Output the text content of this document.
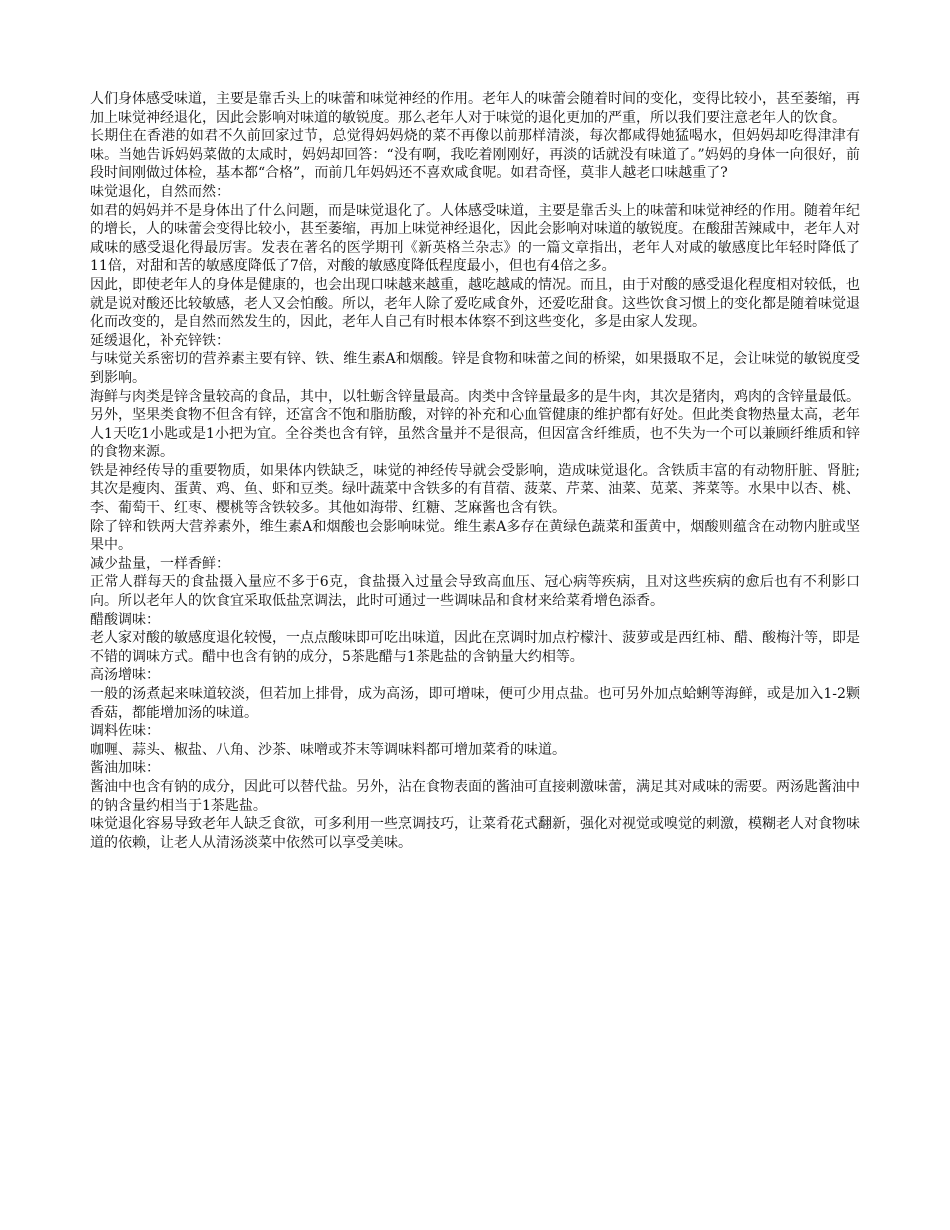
人们身体感受味道，主要是靠舌头上的味蕾和味觉神经的作用。老年人的味蕾会随着时间的变化，变得比较小，甚至萎缩，再加上味觉神经退化，因此会影响对味道的敏锐度。那么老年人对于味觉的退化更加的严重，所以我们要注意老年人的饮食。

长期住在香港的如君不久前回家过节，总觉得妈妈烧的菜不再像以前那样清淡，每次都咸得她猛喝水，但妈妈却吃得津津有味。当她告诉妈妈菜做的太咸时，妈妈却回答：“没有啊，我吃着刚刚好，再淡的话就没有味道了。”妈妈的身体一向很好，前段时间刚做过体检，基本都“合格”，而前几年妈妈还不喜欢咸食呢。如君奇怪，莫非人越老口味越重了?

味觉退化，自然而然：

如君的妈妈并不是身体出了什么问题，而是味觉退化了。人体感受味道，主要是靠舌头上的味蕾和味觉神经的作用。随着年纪的增长，人的味蕾会变得比较小，甚至萎缩，再加上味觉神经退化，因此会影响对味道的敏锐度。在酸甜苦辣咸中，老年人对咸味的感受退化得最厉害。发表在著名的医学期刊《新英格兰杂志》的一篇文章指出，老年人对咸的敏感度比年轻时降低了11倍，对甜和苦的敏感度降低了7倍，对酸的敏感度降低程度最小，但也有4倍之多。

因此，即使老年人的身体是健康的，也会出现口味越来越重，越吃越咸的情况。而且，由于对酸的感受退化程度相对较低，也就是说对酸还比较敏感，老人又会怕酸。所以，老年人除了爱吃咸食外，还爱吃甜食。这些饮食习惯上的变化都是随着味觉退化而改变的，是自然而然发生的，因此，老年人自己有时根本体察不到这些变化，多是由家人发现。

延缓退化，补充锌铁：

与味觉关系密切的营养素主要有锌、铁、维生素A和烟酸。锌是食物和味蕾之间的桥梁，如果摄取不足，会让味觉的敏锐度受到影响。

海鲜与肉类是锌含量较高的食品，其中，以牡蛎含锌量最高。肉类中含锌量最多的是牛肉，其次是猪肉，鸡肉的含锌量最低。另外，坚果类食物不但含有锌，还富含不饱和脂肪酸，对锌的补充和心血管健康的维护都有好处。但此类食物热量太高，老年人1天吃1小匙或是1小把为宜。全谷类也含有锌，虽然含量并不是很高，但因富含纤维质，也不失为一个可以兼顾纤维质和锌的食物来源。

铁是神经传导的重要物质，如果体内铁缺乏，味觉的神经传导就会受影响，造成味觉退化。含铁质丰富的有动物肝脏、肾脏;其次是瘦肉、蛋黄、鸡、鱼、虾和豆类。绿叶蔬菜中含铁多的有苜蓿、菠菜、芹菜、油菜、苋菜、荠菜等。水果中以杏、桃、李、葡萄干、红枣、樱桃等含铁较多。其他如海带、红糖、芝麻酱也含有铁。

除了锌和铁两大营养素外，维生素A和烟酸也会影响味觉。维生素A多存在黄绿色蔬菜和蛋黄中，烟酸则蕴含在动物内脏或坚果中。

减少盐量，一样香鲜：

正常人群每天的食盐摄入量应不多于6克，食盐摄入过量会导致高血压、冠心病等疾病，且对这些疾病的愈后也有不利影口向。所以老年人的饮食宜采取低盐烹调法，此时可通过一些调味品和食材来给菜肴增色添香。

醋酸调味：

老人家对酸的敏感度退化较慢，一点点酸味即可吃出味道，因此在烹调时加点柠檬汁、菠萝或是西红柿、醋、酸梅汁等，即是不错的调味方式。醋中也含有钠的成分，5茶匙醋与1茶匙盐的含钠量大约相等。

高汤增味：

一般的汤煮起来味道较淡，但若加上排骨，成为高汤，即可增味，便可少用点盐。也可另外加点蛤蜊等海鲜，或是加入1-2颗香菇，都能增加汤的味道。

调料佐味：

咖喱、蒜头、椒盐、八角、沙茶、味噌或芥末等调味料都可增加菜肴的味道。

酱油加味：

酱油中也含有钠的成分，因此可以替代盐。另外，沾在食物表面的酱油可直接刺激味蕾，满足其对咸味的需要。两汤匙酱油中的钠含量约相当于1茶匙盐。

味觉退化容易导致老年人缺乏食欲，可多利用一些烹调技巧，让菜肴花式翻新，强化对视觉或嗅觉的刺激，模糊老人对食物味道的依赖，让老人从清汤淡菜中依然可以享受美味。
